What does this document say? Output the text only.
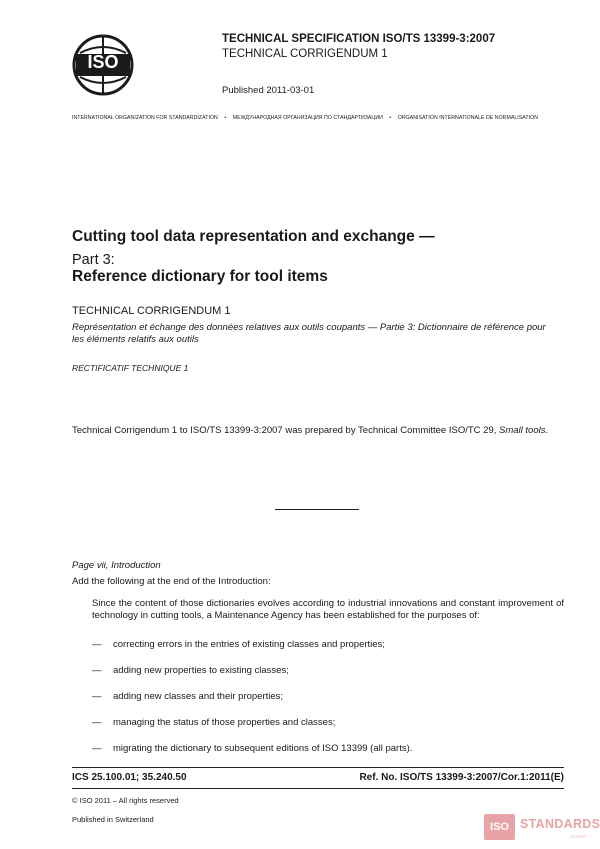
ISO
TECHNICAL SPECIFICATION ISO/TS 13399-3:2007
TECHNICAL CORRIGENDUM 1
Published 2011-03-01
INTERNATIONAL ORGANIZATION FOR STANDARDIZATION • МЕЖДУНАРОДНАЯ ОРГАНИЗАЦИЯ ПО СТАНДАРТИЗАЦИИ • ORGANISATION INTERNATIONALE DE NORMALISATION
Cutting tool data representation and exchange —
Part 3:
Reference dictionary for tool items
TECHNICAL CORRIGENDUM 1
Représentation et échange des données relatives aux outils coupants — Partie 3: Dictionnaire de référence pour les éléments relatifs aux outils
RECTIFICATIF TECHNIQUE 1
Technical Corrigendum 1 to ISO/TS 13399-3:2007 was prepared by Technical Committee ISO/TC 29, Small tools.
Page vii, Introduction
Add the following at the end of the Introduction:
Since the content of those dictionaries evolves according to industrial innovations and constant improvement of technology in cutting tools, a Maintenance Agency has been established for the purposes of:
— correcting errors in the entries of existing classes and properties;
— adding new properties to existing classes;
— adding new classes and their properties;
— managing the status of those properties and classes;
— migrating the dictionary to subsequent editions of ISO 13399 (all parts).
ICS 25.100.01; 35.240.50	Ref. No. ISO/TS 13399-3:2007/Cor.1:2011(E)
© ISO 2011 – All rights reserved
Published in Switzerland
ISO STANDARDS
STORE
